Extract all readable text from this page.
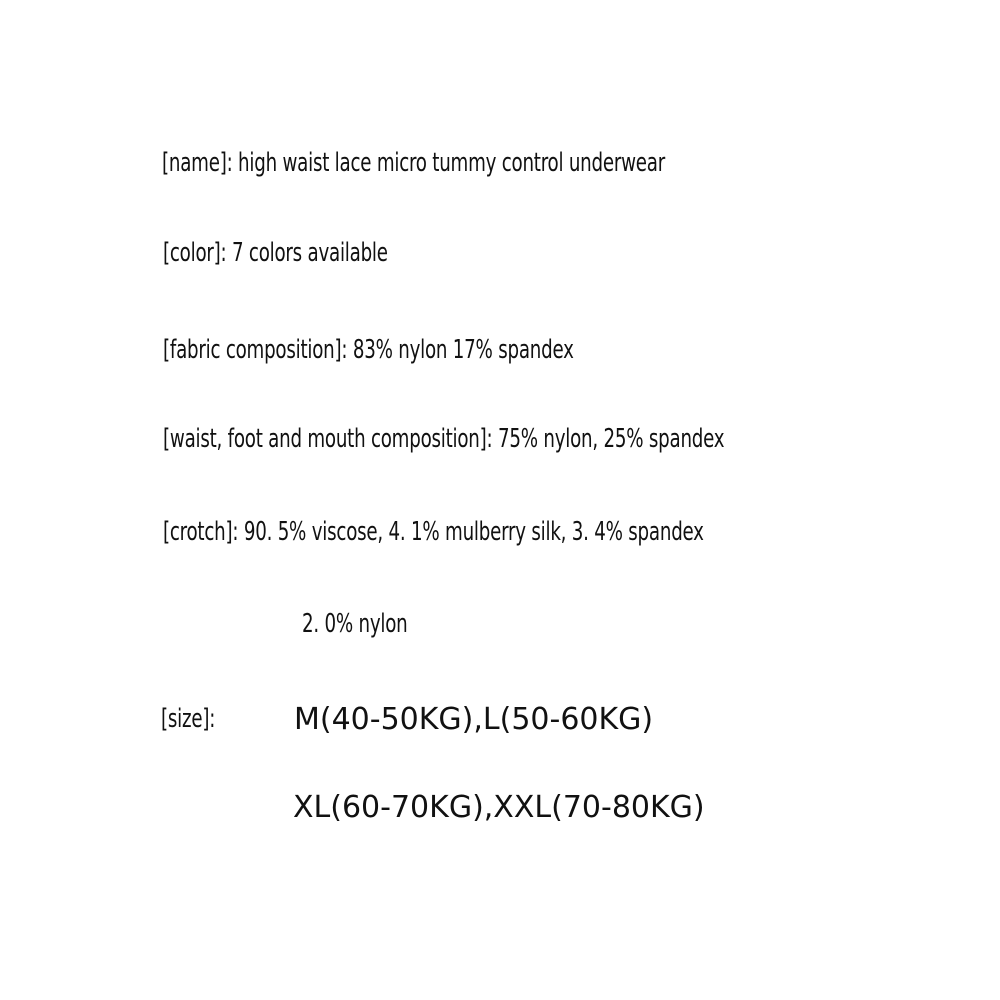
[name]: high waist lace micro tummy control underwear
[color]: 7 colors available
[fabric composition]: 83% nylon 17% spandex
[waist, foot and mouth composition]: 75% nylon, 25% spandex
[crotch]: 90. 5% viscose, 4. 1% mulberry silk, 3. 4% spandex
2. 0% nylon
[size]:	M(40-50KG),L(50-60KG)
XL(60-70KG),XXL(70-80KG)
